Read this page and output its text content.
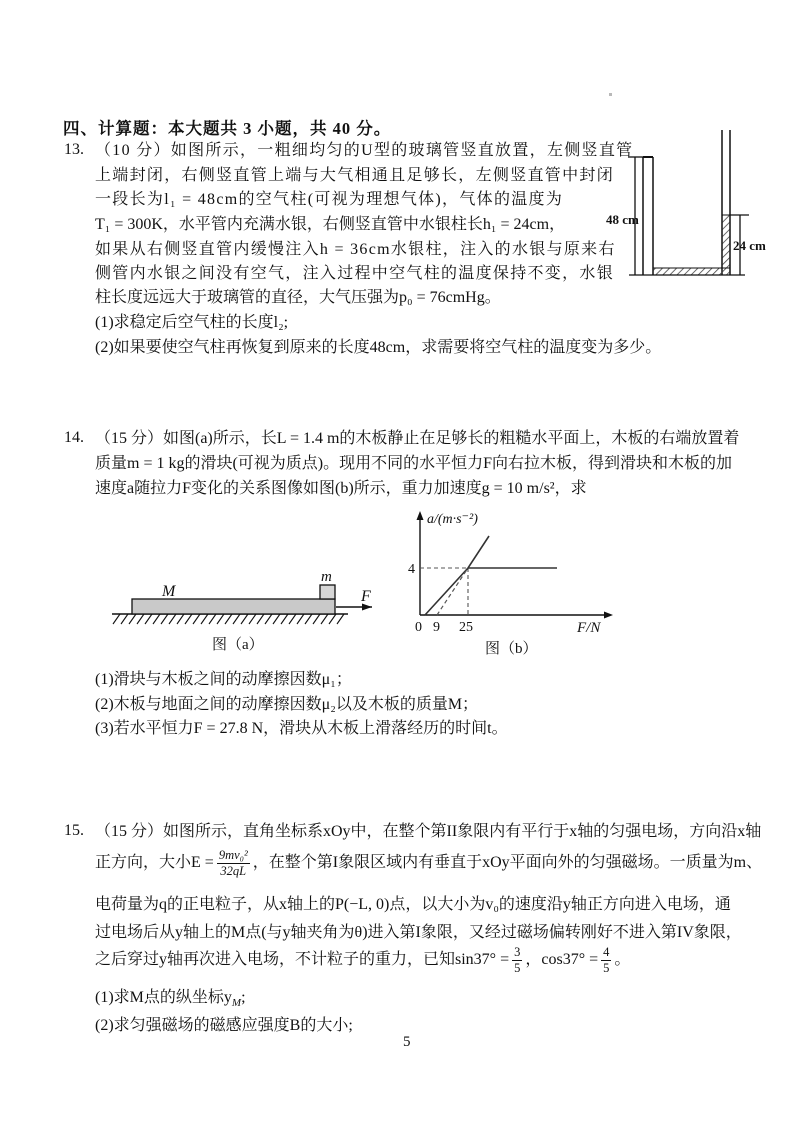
四、计算题：本大题共 3 小题，共 40 分。
13. （10 分）如图所示，一粗细均匀的U型的玻璃管竖直放置，左侧竖直管
上端封闭，右侧竖直管上端与大气相通且足够长，左侧竖直管中封闭
一段长为l₁ = 48cm的空气柱(可视为理想气体)，气体的温度为
T₁ = 300K，水平管内充满水银，右侧竖直管中水银柱长h₁ = 24cm，
如果从右侧竖直管内缓慢注入h = 36cm水银柱，注入的水银与原来右
侧管内水银之间没有空气，注入过程中空气柱的温度保持不变，水银
柱长度远远大于玻璃管的直径，大气压强为p₀ = 76cmHg。
(1)求稳定后空气柱的长度l₂;
(2)如果要使空气柱再恢复到原来的长度48cm，求需要将空气柱的温度变为多少。
48 cm
24 cm
14. （15 分）如图(a)所示，长L = 1.4 m的木板静止在足够长的粗糙水平面上，木板的右端放置着
质量m = 1 kg的滑块(可视为质点)。现用不同的水平恒力F向右拉木板，得到滑块和木板的加
速度a随拉力F变化的关系图像如图(b)所示，重力加速度g = 10 m/s²，求
M
m
F
图（a）
a/(m·s⁻²)
4
0 9 25	F/N
图（b）
(1)滑块与木板之间的动摩擦因数μ₁；
(2)木板与地面之间的动摩擦因数μ₂以及木板的质量M；
(3)若水平恒力F = 27.8 N，滑块从木板上滑落经历的时间t。
15. （15 分）如图所示，直角坐标系xOy中，在整个第II象限内有平行于x轴的匀强电场，方向沿x轴
正方向，大小$E = \frac{\text{9mv₀²}}{32qL}$ ，在整个第I象限区域内有垂直于xOy平面向外的匀强磁场。一质量为m、
电荷量为q的正电粒子，从x轴上的P(−L, 0)点，以大小为v₀的速度沿y轴正方向进入电场，通
过电场后从y轴上的M点(与y轴夹角为θ)进入第I象限，又经过磁场偏转刚好不进入第IV象限，
之后穿过y轴再次进入电场，不计粒子的重力，已知$\sin 37^\circ = \frac{3}{5}$ ，$\cos 37^\circ = \frac{4}{5}$ 。
(1)求M点的纵坐标$y_M$;
(2)求匀强磁场的磁感应强度B的大小;
5
